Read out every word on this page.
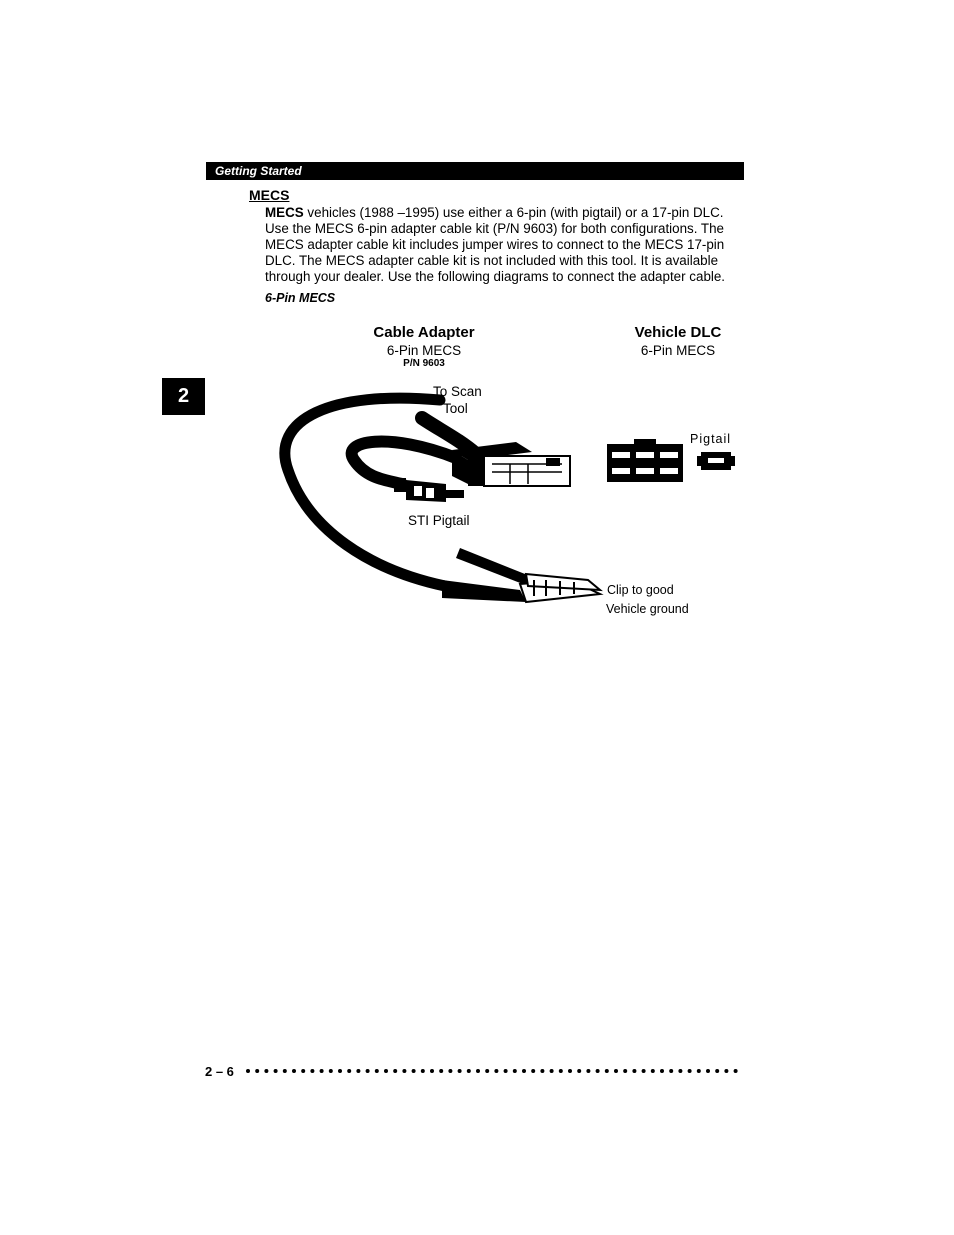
Getting Started
2
MECS
MECS vehicles (1988 –1995) use either a 6-pin (with pigtail) or a 17-pin DLC. Use the MECS 6-pin adapter cable kit (P/N 9603) for both configurations. The MECS adapter cable kit includes jumper wires to connect to the MECS 17-pin DLC. The MECS adapter cable kit is not included with this tool. It is available through your dealer. Use the following diagrams to connect the adapter cable.
6-Pin MECS
Cable Adapter
6-Pin MECS
P/N 9603
Vehicle DLC
6-Pin MECS
To Scan
Tool
STI Pigtail
Pigtail
Clip to good
Vehicle ground
2 – 6
